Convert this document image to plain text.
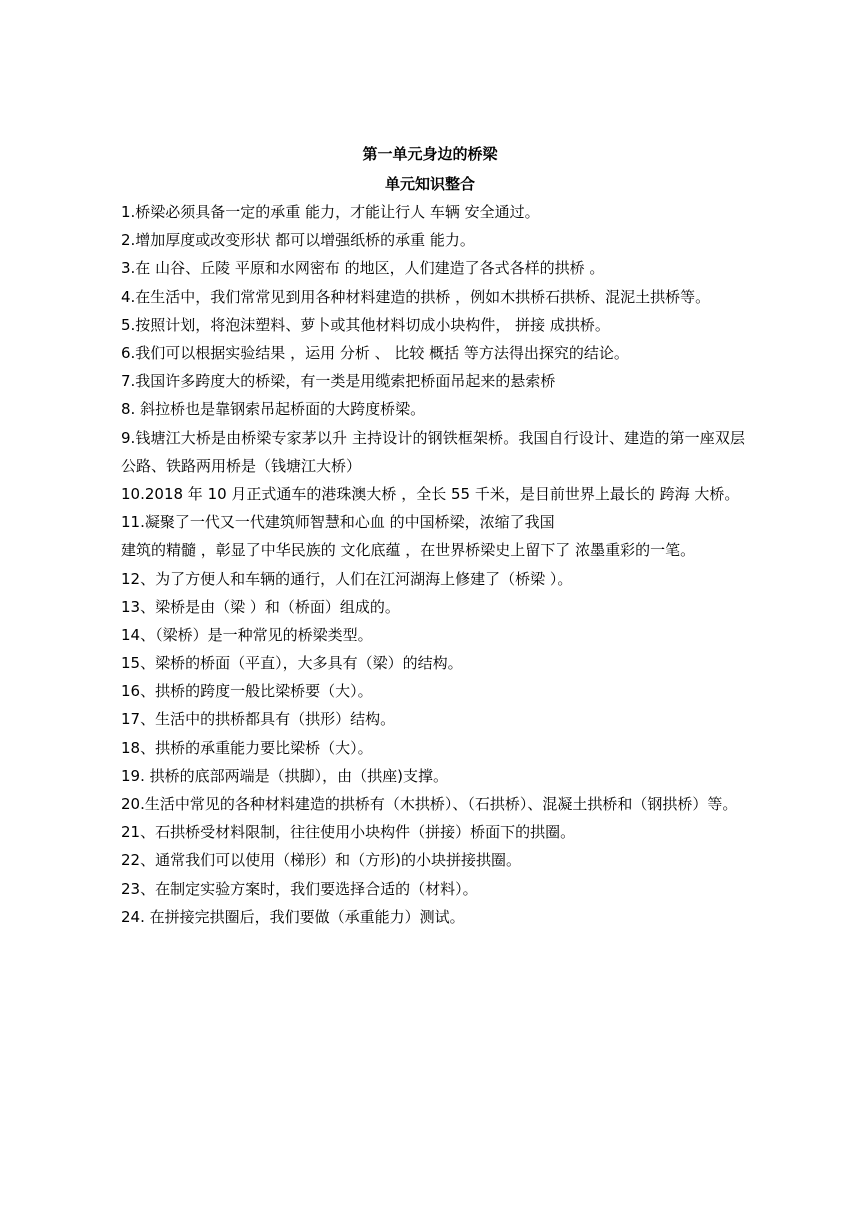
第一单元身边的桥梁
单元知识整合
1.桥梁必须具备一定的承重 能力，才能让行人 车辆 安全通过。
2.增加厚度或改变形状 都可以增强纸桥的承重 能力。
3.在 山谷、丘陵 平原和水网密布 的地区，人们建造了各式各样的拱桥 。
4.在生活中，我们常常见到用各种材料建造的拱桥 ，例如木拱桥石拱桥、混泥土拱桥等。
5.按照计划，将泡沫塑料、萝卜或其他材料切成小块构件， 拼接 成拱桥。
6.我们可以根据实验结果 ，运用 分析 、 比较 概括 等方法得出探究的结论。
7.我国许多跨度大的桥梁，有一类是用缆索把桥面吊起来的悬索桥
8. 斜拉桥也是靠钢索吊起桥面的大跨度桥梁。
9.钱塘江大桥是由桥梁专家茅以升 主持设计的钢铁框架桥。我国自行设计、建造的第一座双层公路、铁路两用桥是（钱塘江大桥）
10.2018 年 10 月正式通车的港珠澳大桥 ，全长 55 千米，是目前世界上最长的 跨海 大桥。
11.凝聚了一代又一代建筑师智慧和心血 的中国桥梁，浓缩了我国
建筑的精髓 ，彰显了中华民族的 文化底蕴 ，在世界桥梁史上留下了 浓墨重彩的一笔。
12、为了方便人和车辆的通行，人们在江河湖海上修建了（桥梁 ）。
13、梁桥是由（梁 ）和（桥面）组成的。
14、（梁桥）是一种常见的桥梁类型。
15、梁桥的桥面（平直），大多具有（梁）的结构。
16、拱桥的跨度一般比梁桥要（大）。
17、生活中的拱桥都具有（拱形）结构。
18、拱桥的承重能力要比梁桥（大）。
19. 拱桥的底部两端是（拱脚），由（拱座)支撑。
20.生活中常见的各种材料建造的拱桥有（木拱桥）、（石拱桥）、混凝土拱桥和（钢拱桥）等。
21、石拱桥受材料限制，往往使用小块构件（拼接）桥面下的拱圈。
22、通常我们可以使用（梯形）和（方形)的小块拼接拱圈。
23、在制定实验方案时，我们要选择合适的（材料）。
24. 在拼接完拱圈后，我们要做（承重能力）测试。
